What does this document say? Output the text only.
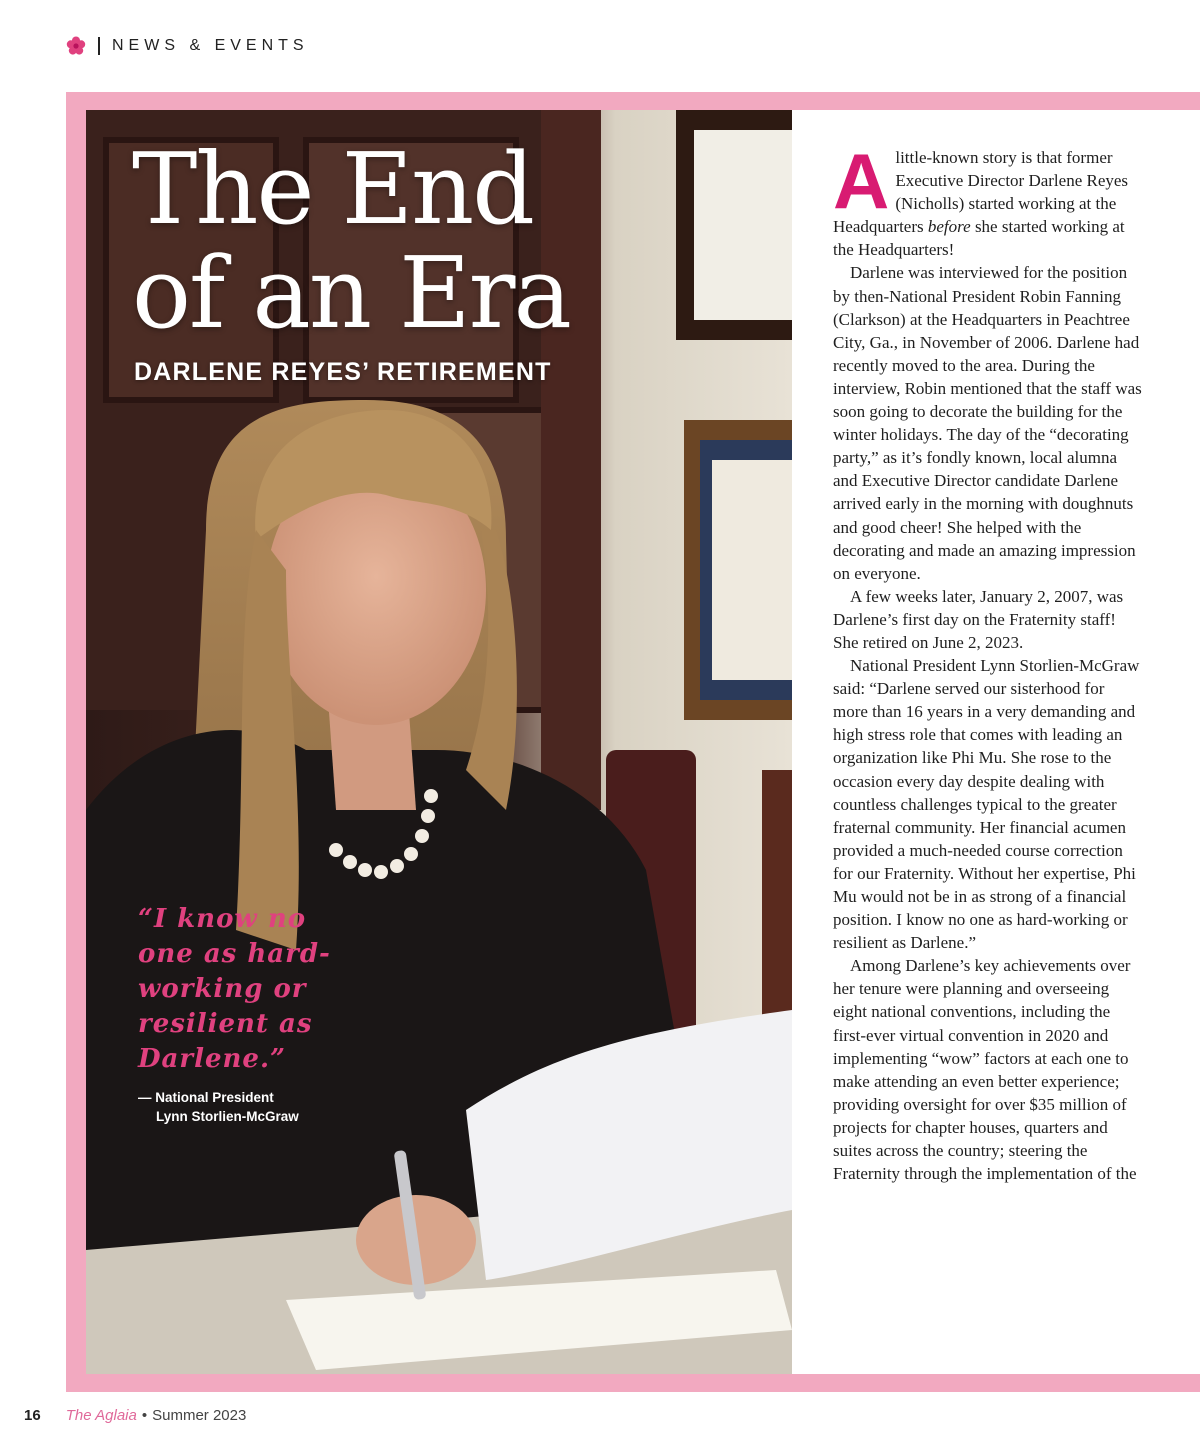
NEWS & EVENTS
The End
of an Era
DARLENE REYES’ RETIREMENT
“I know no one as hard-working or resilient as Darlene.”
— National President
Lynn Storlien-McGraw

Alittle-known story is that former Executive Director Darlene Reyes (Nicholls) started working at the Headquarters before she started working at the Headquarters!

Darlene was interviewed for the position by then-National President Robin Fanning (Clarkson) at the Headquarters in Peachtree City, Ga., in November of 2006. Darlene had recently moved to the area. During the interview, Robin mentioned that the staff was soon going to decorate the building for the winter holidays. The day of the “decorating party,” as it’s fondly known, local alumna and Executive Director candidate Darlene arrived early in the morning with doughnuts and good cheer! She helped with the decorating and made an amazing impression on everyone.

A few weeks later, January 2, 2007, was Darlene’s first day on the Fraternity staff! She retired on June 2, 2023.

National President Lynn Storlien-McGraw said: “Darlene served our sisterhood for more than 16 years in a very demanding and high stress role that comes with leading an organization like Phi Mu. She rose to the occasion every day despite dealing with countless challenges typical to the greater fraternal community. Her financial acumen provided a much-needed course correction for our Fraternity. Without her expertise, Phi Mu would not be in as strong of a financial position. I know no one as hard-working or resilient as Darlene.”

Among Darlene’s key achievements over her tenure were planning and overseeing eight national conventions, including the first-ever virtual convention in 2020 and implementing “wow” factors at each one to make attending an even better experience; providing oversight for over $35 million of projects for chapter houses, quarters and suites across the country; steering the Fraternity through the implementation of the

16 The Aglaia • Summer 2023
